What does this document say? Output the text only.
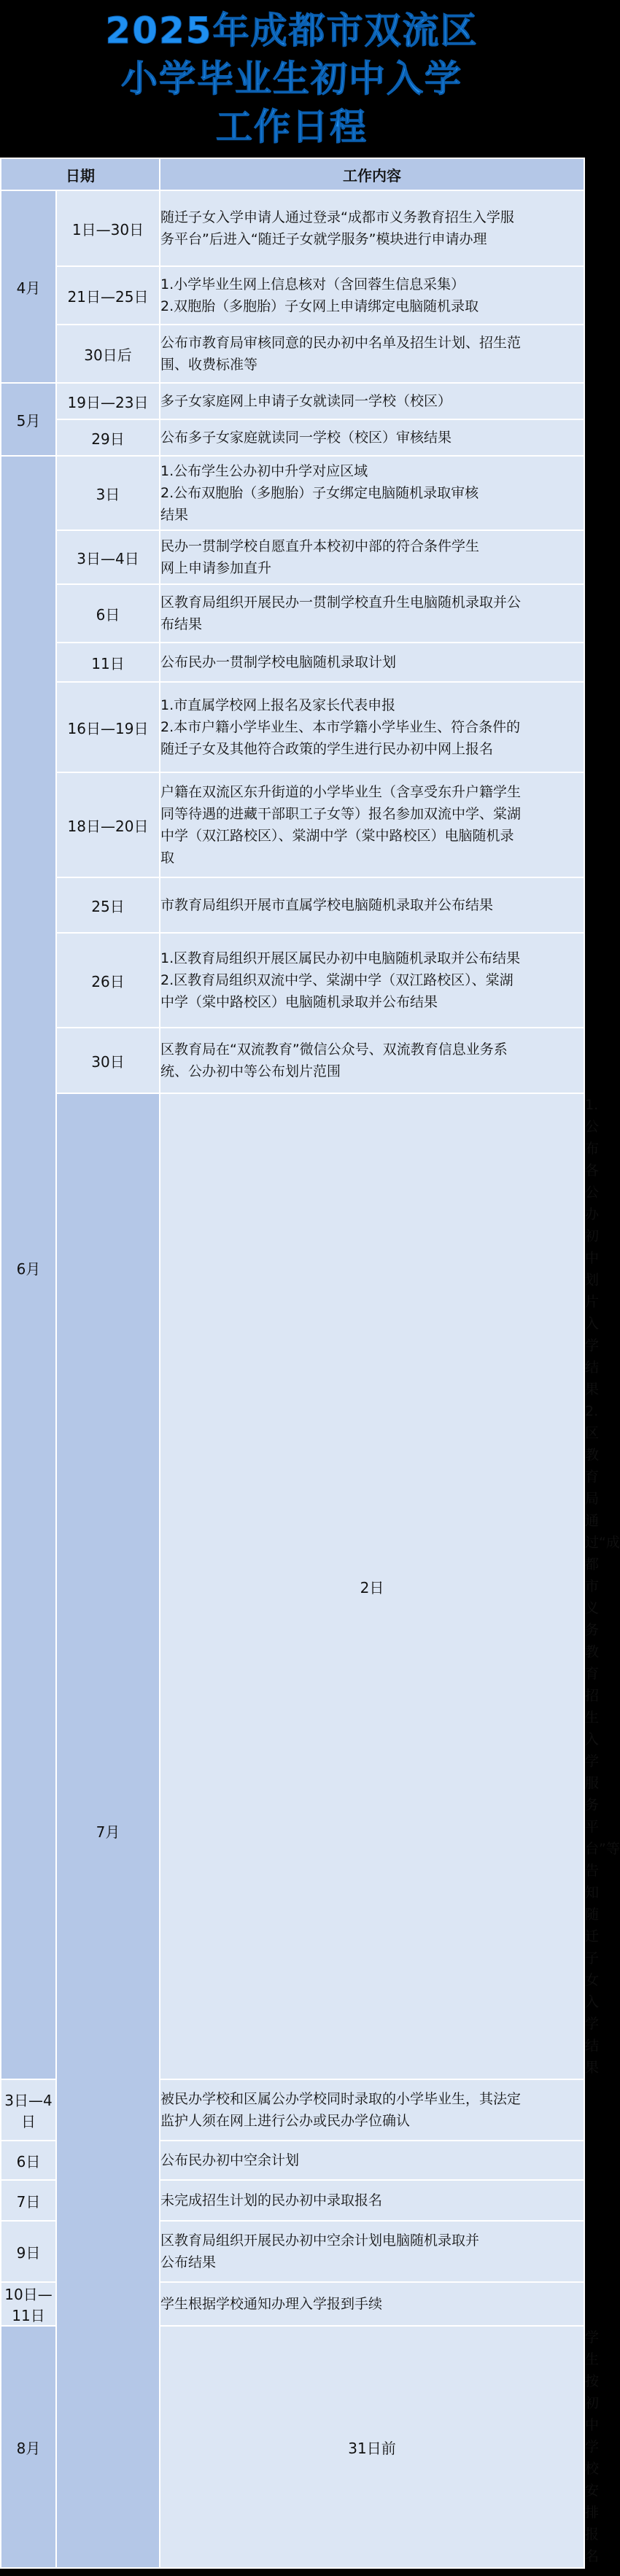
2025年成都市双流区
小学毕业生初中入学
工作日程
日期		工作内容	
4月	1日—30日	随迁子女入学申请人通过登录“成都市义务教育招生入学服
务平台”后进入“随迁子女就学服务”模块进行申请办理	

	21日—25日	1.小学毕业生网上信息核对（含回蓉生信息采集）
2.双胞胎（多胞胎）子女网上申请绑定电脑随机录取	

	30日后	公布市教育局审核同意的民办初中名单及招生计划、招生范
围、收费标准等	

5月	19日—23日	多子女家庭网上申请子女就读同一学校（校区）	

	29日	公布多子女家庭就读同一学校（校区）审核结果	

6月	3日	1.公布学生公办初中升学对应区域
2.公布双胞胎（多胞胎）子女绑定电脑随机录取审核
结果	

	3日—4日	民办一贯制学校自愿直升本校初中部的符合条件学生
网上申请参加直升	

	6日	区教育局组织开展民办一贯制学校直升生电脑随机录取并公
布结果	

	11日	公布民办一贯制学校电脑随机录取计划	

	16日—19日	1.市直属学校网上报名及家长代表申报
2.本市户籍小学毕业生、本市学籍小学毕业生、符合条件的
随迁子女及其他符合政策的学生进行民办初中网上报名	

	18日—20日	户籍在双流区东升街道的小学毕业生（含享受东升户籍学生
同等待遇的进藏干部职工子女等）报名参加双流中学、棠湖
中学（双江路校区）、棠湖中学（棠中路校区）电脑随机录
取	

	25日	市教育局组织开展市直属学校电脑随机录取并公布结果	

	26日	1.区教育局组织开展区属民办初中电脑随机录取并公布结果
2.区教育局组织双流中学、棠湖中学（双江路校区）、棠湖
中学（棠中路校区）电脑随机录取并公布结果	

	30日	区教育局在“双流教育”微信公众号、双流教育信息业务系
统、公办初中等公布划片范围	

	7月	2日	1.公布各公办初中划片入学结果
2.区教育局通过“成都市义务教育招生入学服务平台”等告
知随迁子女入学结果

3日—4日		被民办学校和区属公办学校同时录取的小学毕业生，其法定
监护人须在网上进行公办或民办学位确认	

6日		公布民办初中空余计划	

7日		未完成招生计划的民办初中录取报名	

9日		区教育局组织开展民办初中空余计划电脑随机录取并
公布结果	

10日—11日		学生根据学校通知办理入学报到手续	

8月		31日前	学生按初中学校安排报名
